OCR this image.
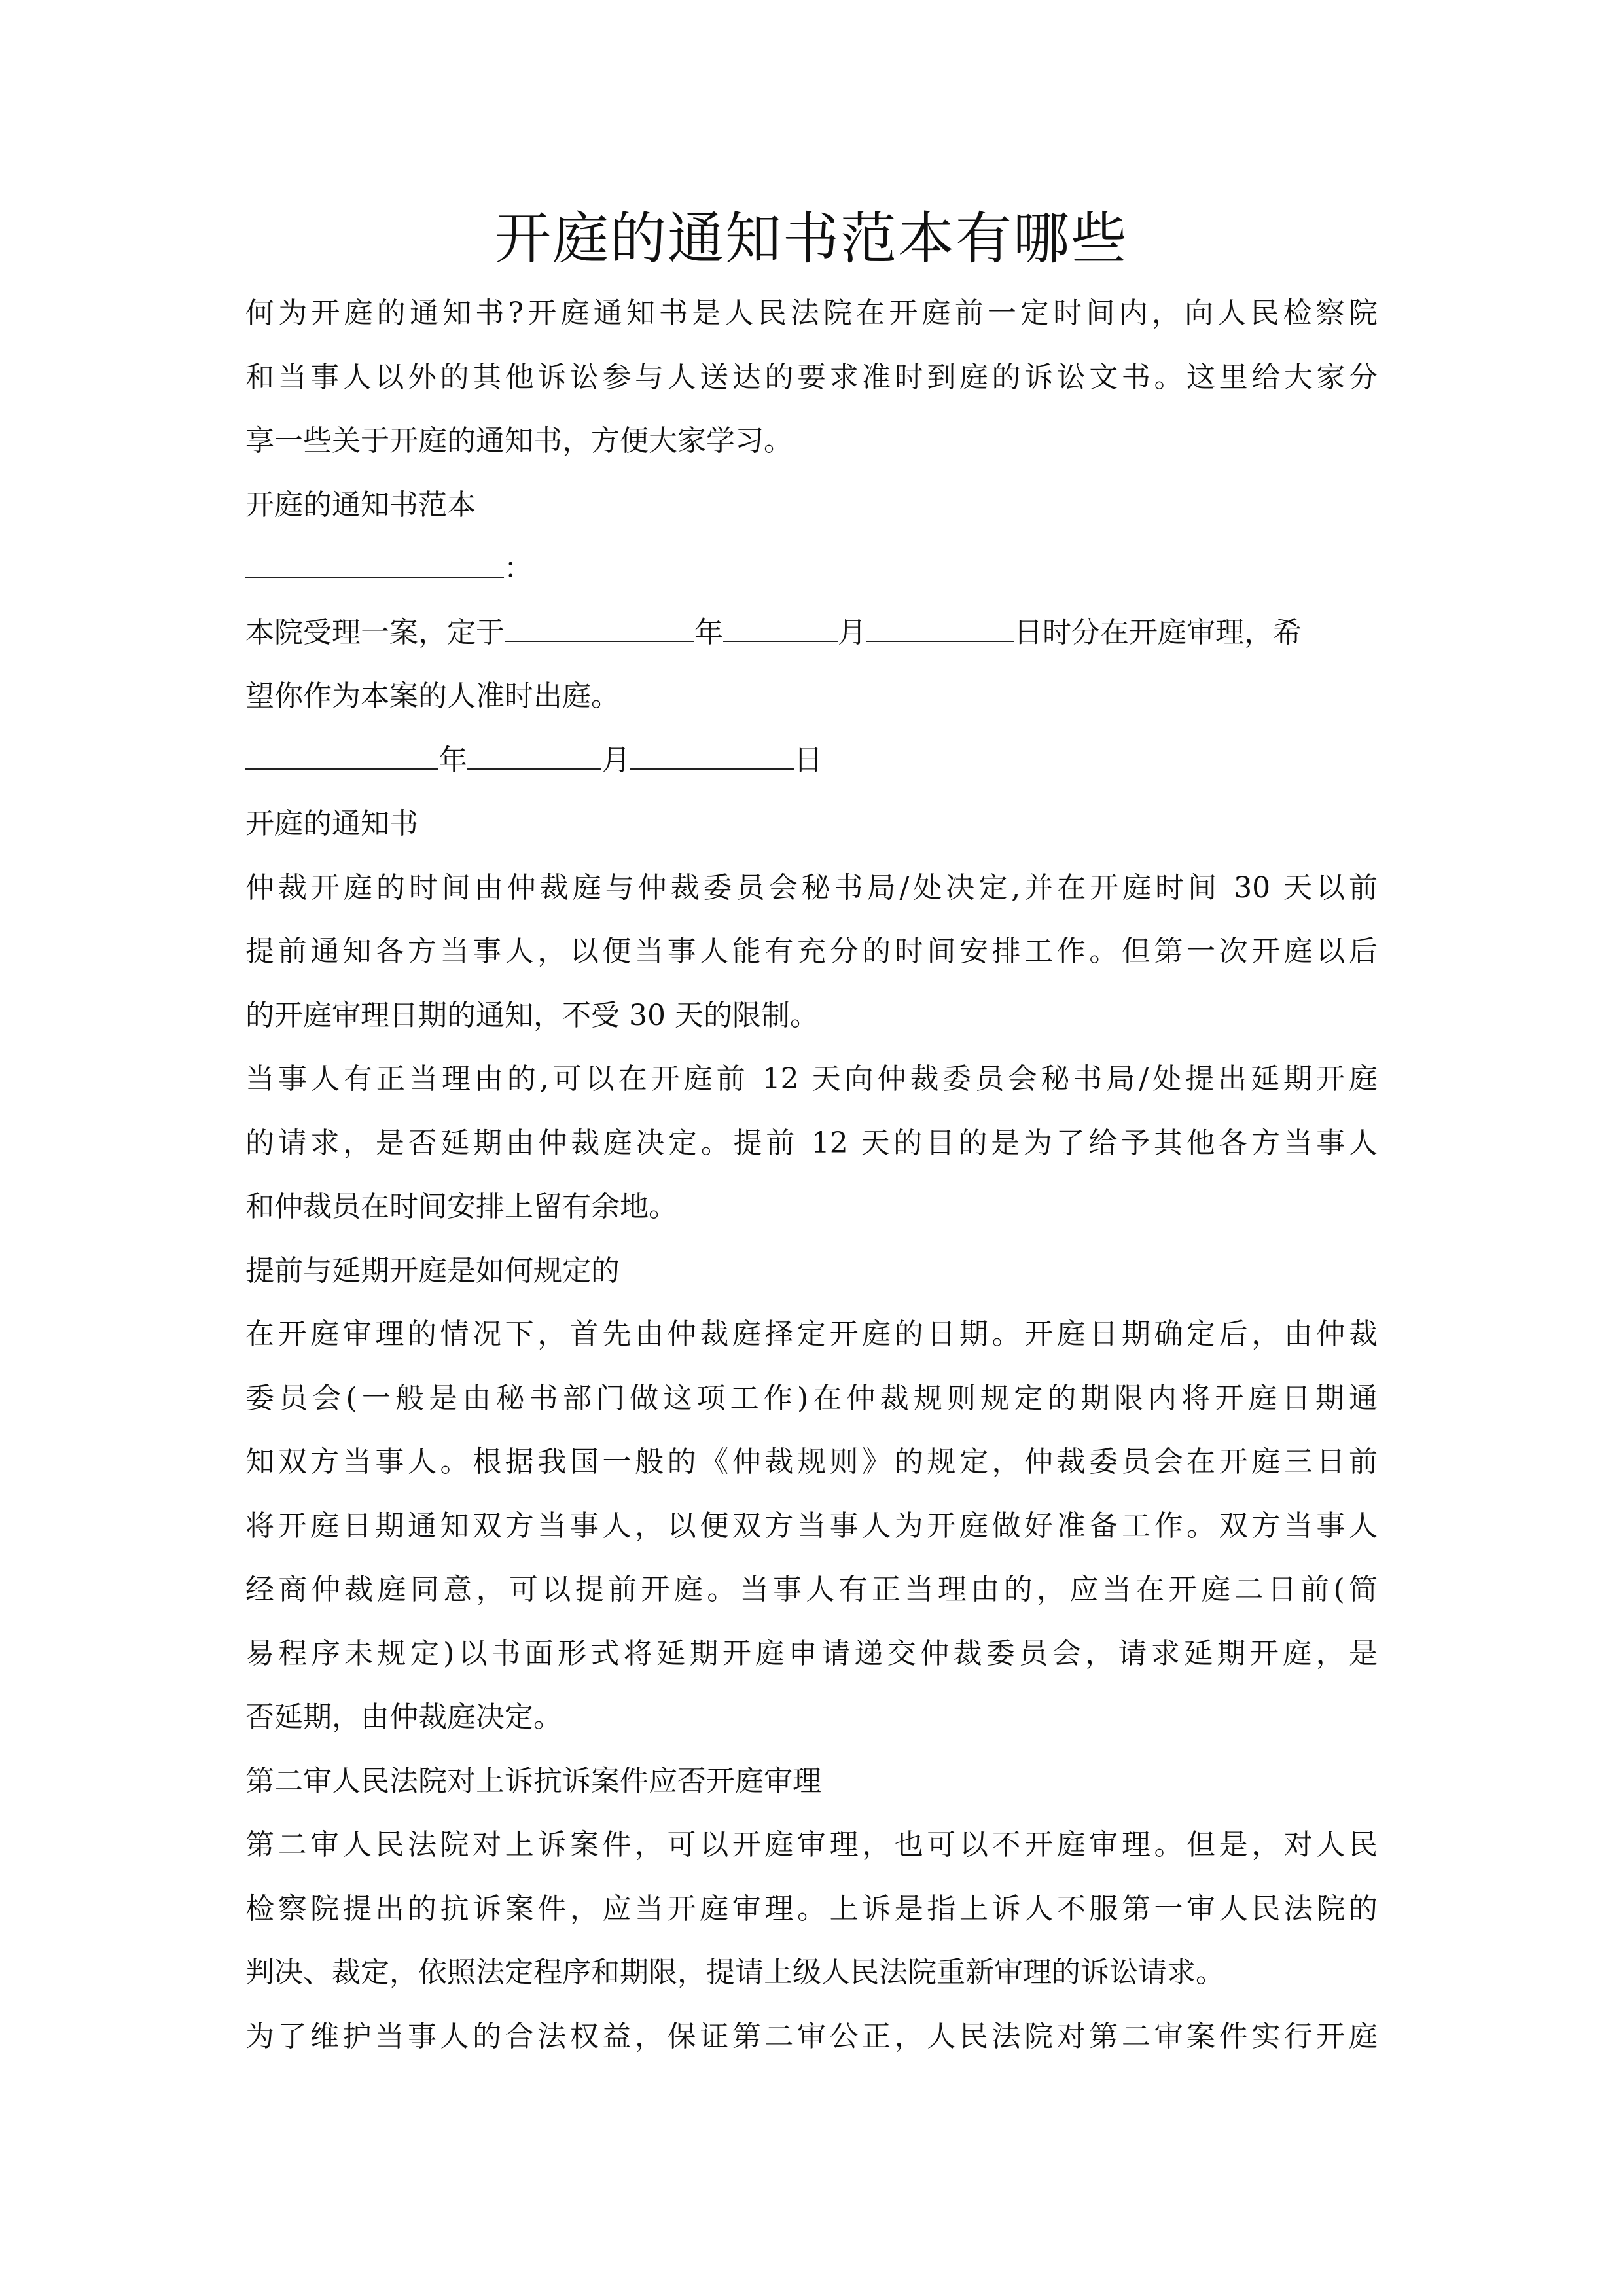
开庭的通知书范本有哪些
何为开庭的通知书?开庭通知书是人民法院在开庭前一定时间内，向人民检察院
和当事人以外的其他诉讼参与人送达的要求准时到庭的诉讼文书。这里给大家分
享一些关于开庭的通知书，方便大家学习。
开庭的通知书范本
：
本院受理一案，定于	年	月	日时分在开庭审理，希
望你作为本案的人准时出庭。
年	月	日
开庭的通知书
仲裁开庭的时间由仲裁庭与仲裁委员会秘书局/处决定,并在开庭时间 30 天以前
提前通知各方当事人，以便当事人能有充分的时间安排工作。但第一次开庭以后
的开庭审理日期的通知，不受 30 天的限制。
当事人有正当理由的,可以在开庭前 12 天向仲裁委员会秘书局/处提出延期开庭
的请求，是否延期由仲裁庭决定。提前 12 天的目的是为了给予其他各方当事人
和仲裁员在时间安排上留有余地。
提前与延期开庭是如何规定的
在开庭审理的情况下，首先由仲裁庭择定开庭的日期。开庭日期确定后，由仲裁
委员会(一般是由秘书部门做这项工作)在仲裁规则规定的期限内将开庭日期通
知双方当事人。根据我国一般的《仲裁规则》的规定，仲裁委员会在开庭三日前
将开庭日期通知双方当事人，以便双方当事人为开庭做好准备工作。双方当事人
经商仲裁庭同意，可以提前开庭。当事人有正当理由的，应当在开庭二日前(简
易程序未规定)以书面形式将延期开庭申请递交仲裁委员会，请求延期开庭，是
否延期，由仲裁庭决定。
第二审人民法院对上诉抗诉案件应否开庭审理
第二审人民法院对上诉案件，可以开庭审理，也可以不开庭审理。但是，对人民
检察院提出的抗诉案件，应当开庭审理。上诉是指上诉人不服第一审人民法院的
判决、裁定，依照法定程序和期限，提请上级人民法院重新审理的诉讼请求。
为了维护当事人的合法权益，保证第二审公正，人民法院对第二审案件实行开庭
